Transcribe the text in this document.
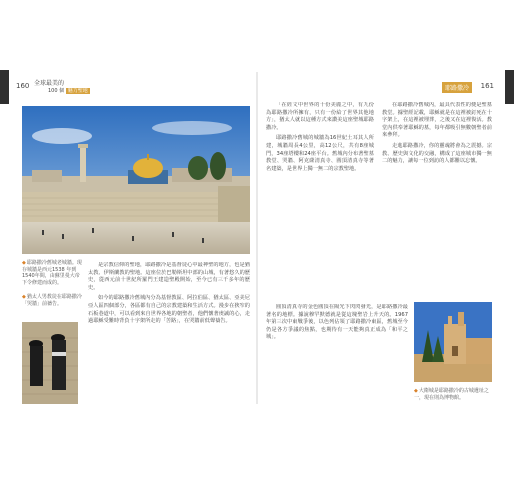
160 全球最美的
100 個 魅力聖地
◆耶路撒冷舊城老城牆。現存城牆是西元1538 年到1540年間，由蘇里曼大帝下令修建而成的。
◆猶太人男教徒在耶路撒冷「哭牆」前禱告。

是宗教信仰的聖地，耶路撒冷是基督徒心中最神聖的地方，也是猶太教、伊斯蘭教的聖地。這座位於巴勒斯坦中部的山城，有著悠久的歷史，從西元前十世紀所羅門王建造聖殿開始，至今已有三千多年的歷史。

如今的耶路撒冷舊城內分為基督教區、阿拉伯區、猶太區、亞美尼亞人區四個部分，各區都有自己的宗教建築和生活方式。漫步在狹窄的石板巷道中，可以看到來自世界各地的朝聖者，他們懷著虔誠的心，走過耶穌受難時背負十字架所走的「苦路」，在哭牆前低聲禱告。

耶路撒冷	161

「在經文中世界的十份美麗之中，有九份為耶路撒冷所擁有，只有一份給了世界其他地方」，猶太人就以這種方式來讚美這座聖城耶路撒冷。

耶路撒冷舊城的城牆為16世紀土耳其人所建，城牆周長4公里，高12公尺，共有8座城門，34座塔樓和24座平台。舊城內分布著聖墓教堂、哭牆、阿克薩清真寺、圓頂清真寺等著名建築，是世界上獨一無二的宗教聖地。

在耶路撒冷舊城內，最具代表性的便是聖墓教堂。據聖經記載，耶穌就是在這裡被釘死在十字架上，在這裡被埋葬，之後又在這裡復活。教堂內供奉著耶穌的墓，每年都吸引無數朝聖者前來參拜。

走進耶路撒冷，你的靈魂將會為之震撼。宗教、歷史與文化的交融，構成了這座城市獨一無二的魅力，讓每一位到訪的人都難以忘懷。

圓頂清真寺的金色圓頂在陽光下閃閃發光，是耶路撒冷最著名的地標。據說穆罕默德就是從這塊聖岩上升天的。1967年第三次中東戰爭後，以色列佔領了耶路撒冷東區，舊城至今仍是各方爭議的焦點，也期待有一天能夠真正成為「和平之城」。

◆大衛城是耶路撒冷的古城遺址之一，現在則為博物館。
